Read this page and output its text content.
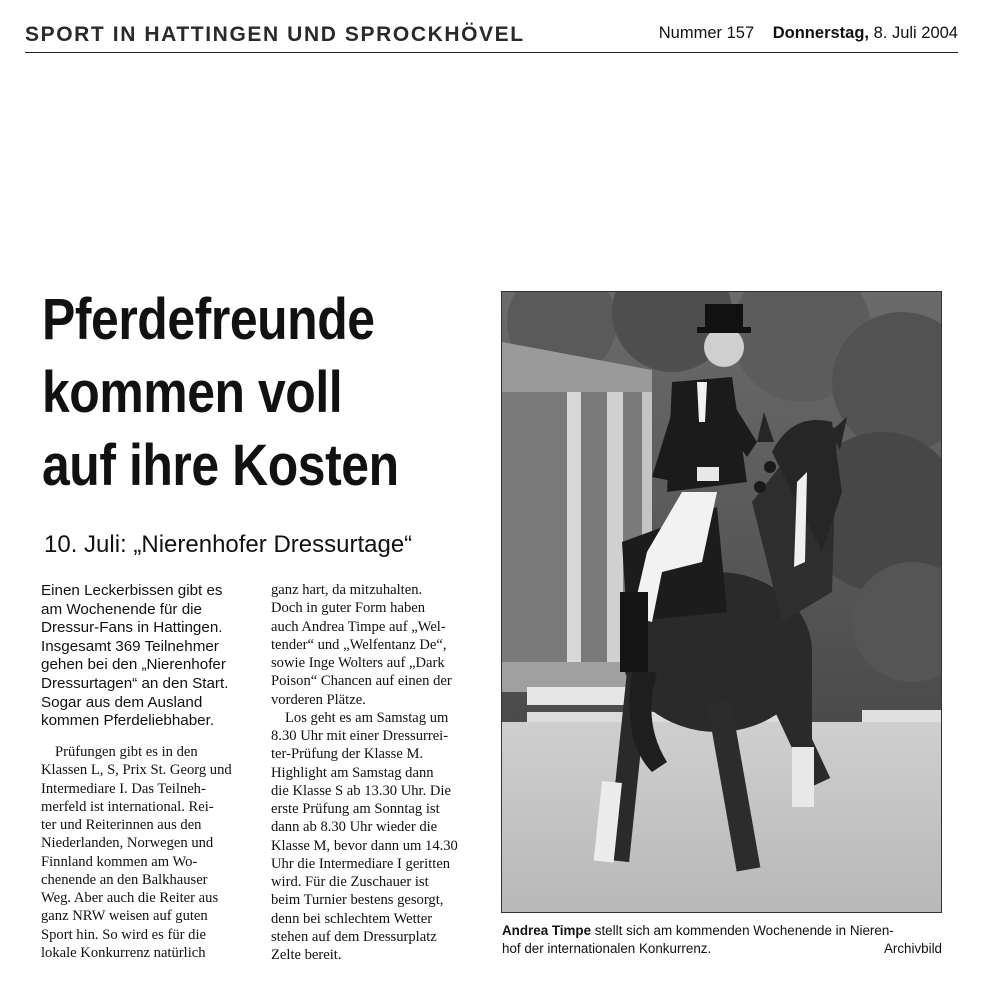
SPORT IN HATTINGEN UND SPROCKHÖVEL	Nummer 157 Donnerstag, 8. Juli 2004
Pferdefreunde
kommen voll
auf ihre Kosten
10. Juli: „Nierenhofer Dressurtage“
Einen Leckerbissen gibt es
am Wochenende für die
Dressur-Fans in Hattingen.
Insgesamt 369 Teilnehmer
gehen bei den „Nierenhofer
Dressurtagen“ an den Start.
Sogar aus dem Ausland
kommen Pferdeliebhaber.
Prüfungen gibt es in den
Klassen L, S, Prix St. Georg und
Intermediare I. Das Teilneh-
merfeld ist international. Rei-
ter und Reiterinnen aus den
Niederlanden, Norwegen und
Finnland kommen am Wo-
chenende an den Balkhauser
Weg. Aber auch die Reiter aus
ganz NRW weisen auf guten
Sport hin. So wird es für die
lokale Konkurrenz natürlich
ganz hart, da mitzuhalten.
Doch in guter Form haben
auch Andrea Timpe auf „Wel-
tender“ und „Welfentanz De“,
sowie Inge Wolters auf „Dark
Poison“ Chancen auf einen der
vorderen Plätze.
Los geht es am Samstag um
8.30 Uhr mit einer Dressurrei-
ter-Prüfung der Klasse M.
Highlight am Samstag dann
die Klasse S ab 13.30 Uhr. Die
erste Prüfung am Sonntag ist
dann ab 8.30 Uhr wieder die
Klasse M, bevor dann um 14.30
Uhr die Intermediare I geritten
wird. Für die Zuschauer ist
beim Turnier bestens gesorgt,
denn bei schlechtem Wetter
stehen auf dem Dressurplatz
Zelte bereit.
Andrea Timpe stellt sich am kommenden Wochenende in Nieren-
hof der internationalen Konkurrenz.	Archivbild
